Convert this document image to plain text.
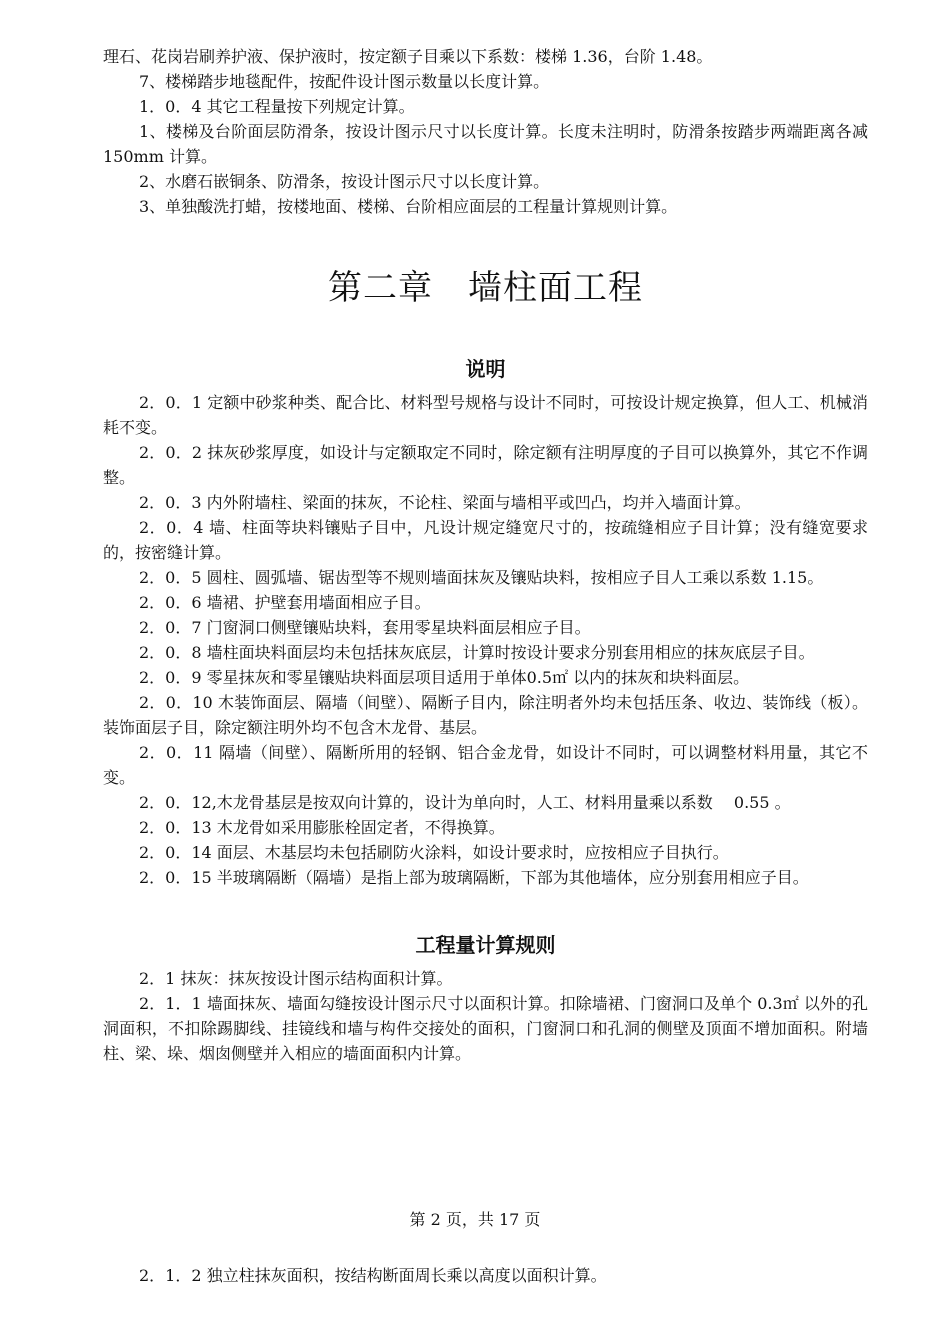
理石、花岗岩刷养护液、保护液时，按定额子目乘以下系数：楼梯 1.36，台阶 1.48。

7、楼梯踏步地毯配件，按配件设计图示数量以长度计算。

1．0．4 其它工程量按下列规定计算。

1、楼梯及台阶面层防滑条，按设计图示尺寸以长度计算。长度未注明时，防滑条按踏步两端距离各减 150mm 计算。

2、水磨石嵌铜条、防滑条，按设计图示尺寸以长度计算。

3、单独酸洗打蜡，按楼地面、楼梯、台阶相应面层的工程量计算规则计算。

第二章　墙柱面工程
说明

2．0．1 定额中砂浆种类、配合比、材料型号规格与设计不同时，可按设计规定换算，但人工、机械消耗不变。

2．0．2 抹灰砂浆厚度，如设计与定额取定不同时，除定额有注明厚度的子目可以换算外，其它不作调整。

2．0．3 内外附墙柱、梁面的抹灰，不论柱、梁面与墙相平或凹凸，均并入墙面计算。

2．0．4 墙、柱面等块料镶贴子目中，凡设计规定缝宽尺寸的，按疏缝相应子目计算；没有缝宽要求的，按密缝计算。

2．0．5 圆柱、圆弧墙、锯齿型等不规则墙面抹灰及镶贴块料，按相应子目人工乘以系数 1.15。

2．0．6 墙裙、护壁套用墙面相应子目。

2．0．7 门窗洞口侧壁镶贴块料，套用零星块料面层相应子目。

2．0．8 墙柱面块料面层均未包括抹灰底层，计算时按设计要求分别套用相应的抹灰底层子目。

2．0．9 零星抹灰和零星镶贴块料面层项目适用于单体0.5㎡ 以内的抹灰和块料面层。

2．0．10 木装饰面层、隔墙（间壁）、隔断子目内，除注明者外均未包括压条、收边、装饰线（板）。装饰面层子目，除定额注明外均不包含木龙骨、基层。

2．0．11 隔墙（间壁）、隔断所用的轻钢、铝合金龙骨，如设计不同时，可以调整材料用量，其它不变。

2．0．12,木龙骨基层是按双向计算的，设计为单向时，人工、材料用量乘以系数　 0.55 。

2．0．13 木龙骨如采用膨胀栓固定者，不得换算。

2．0．14 面层、木基层均未包括刷防火涂料，如设计要求时，应按相应子目执行。

2．0．15 半玻璃隔断（隔墙）是指上部为玻璃隔断，下部为其他墙体，应分别套用相应子目。

工程量计算规则

2．1 抹灰：抹灰按设计图示结构面积计算。

2．1．1 墙面抹灰、墙面勾缝按设计图示尺寸以面积计算。扣除墙裙、门窗洞口及单个 0.3㎡ 以外的孔洞面积，不扣除踢脚线、挂镜线和墙与构件交接处的面积，门窗洞口和孔洞的侧壁及顶面不增加面积。附墙柱、梁、垛、烟囱侧壁并入相应的墙面面积内计算。

第 2 页，共 17 页

2．1．2 独立柱抹灰面积，按结构断面周长乘以高度以面积计算。
